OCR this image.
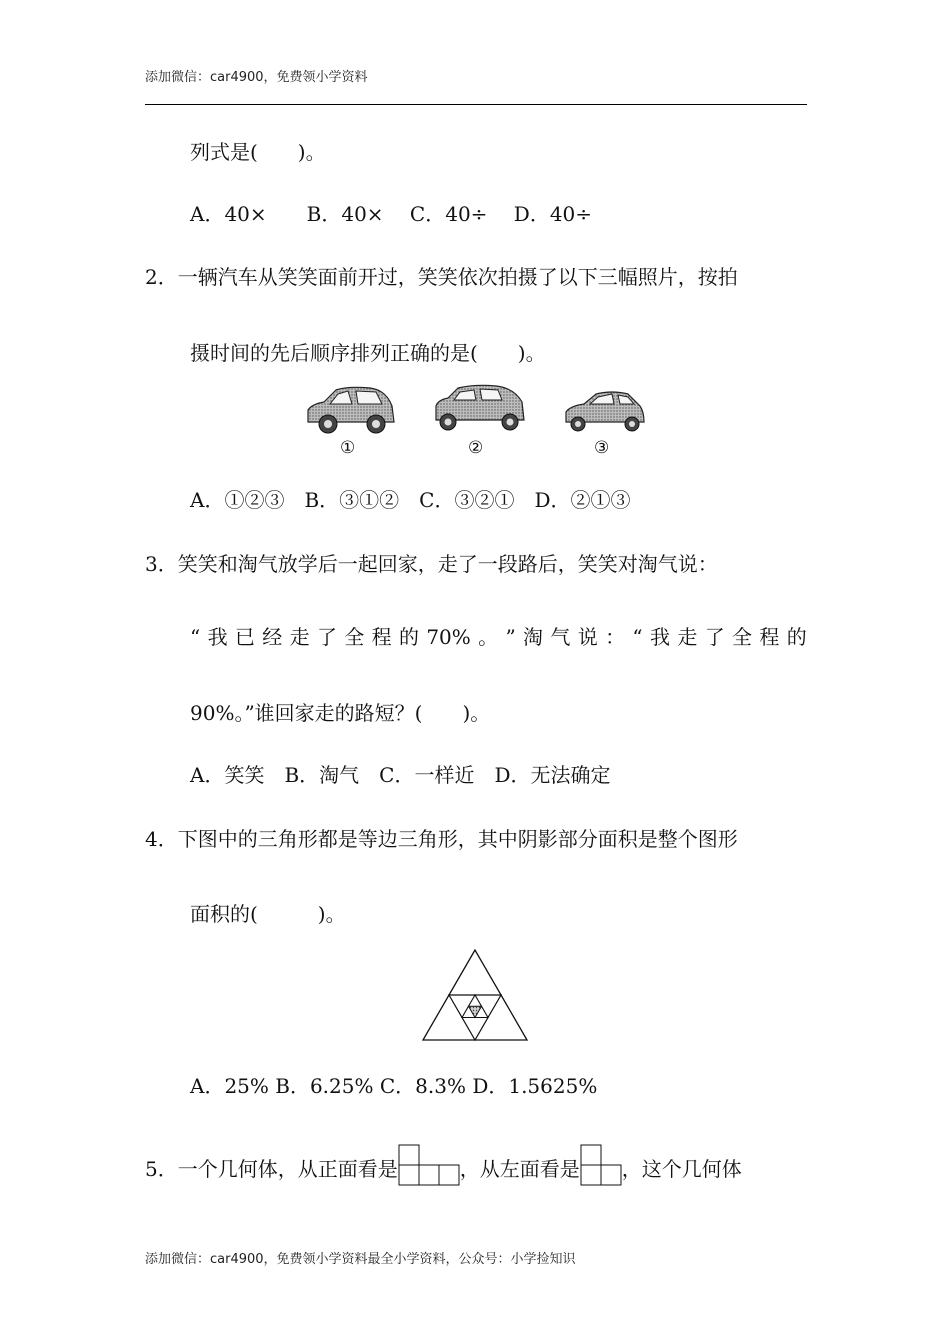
添加微信：car4900，免费领小学资料
列式是(　　)。
A．40×　　B．40×　 C．40÷　 D．40÷
2．一辆汽车从笑笑面前开过，笑笑依次拍摄了以下三幅照片，按拍
摄时间的先后顺序排列正确的是(　　)。
①	②	③
A．①②③　B．③①②　C．③②①　D．②①③
3．笑笑和淘气放学后一起回家，走了一段路后，笑笑对淘气说：
“ 我 已 经 走 了 全 程 的 70% 。 ” 淘 气 说 ： “ 我 走 了 全 程 的
90%。”谁回家走的路短？(　　)。
A．笑笑　B．淘气　C．一样近　D．无法确定
4．下图中的三角形都是等边三角形，其中阴影部分面积是整个图形
面积的(　　　)。
A．25% B．6.25% C．8.3% D．1.5625%
5．一个几何体，从正面看是	，从左面看是 ，这个几何体
添加微信：car4900，免费领小学资料最全小学资料，公众号：小学捡知识
